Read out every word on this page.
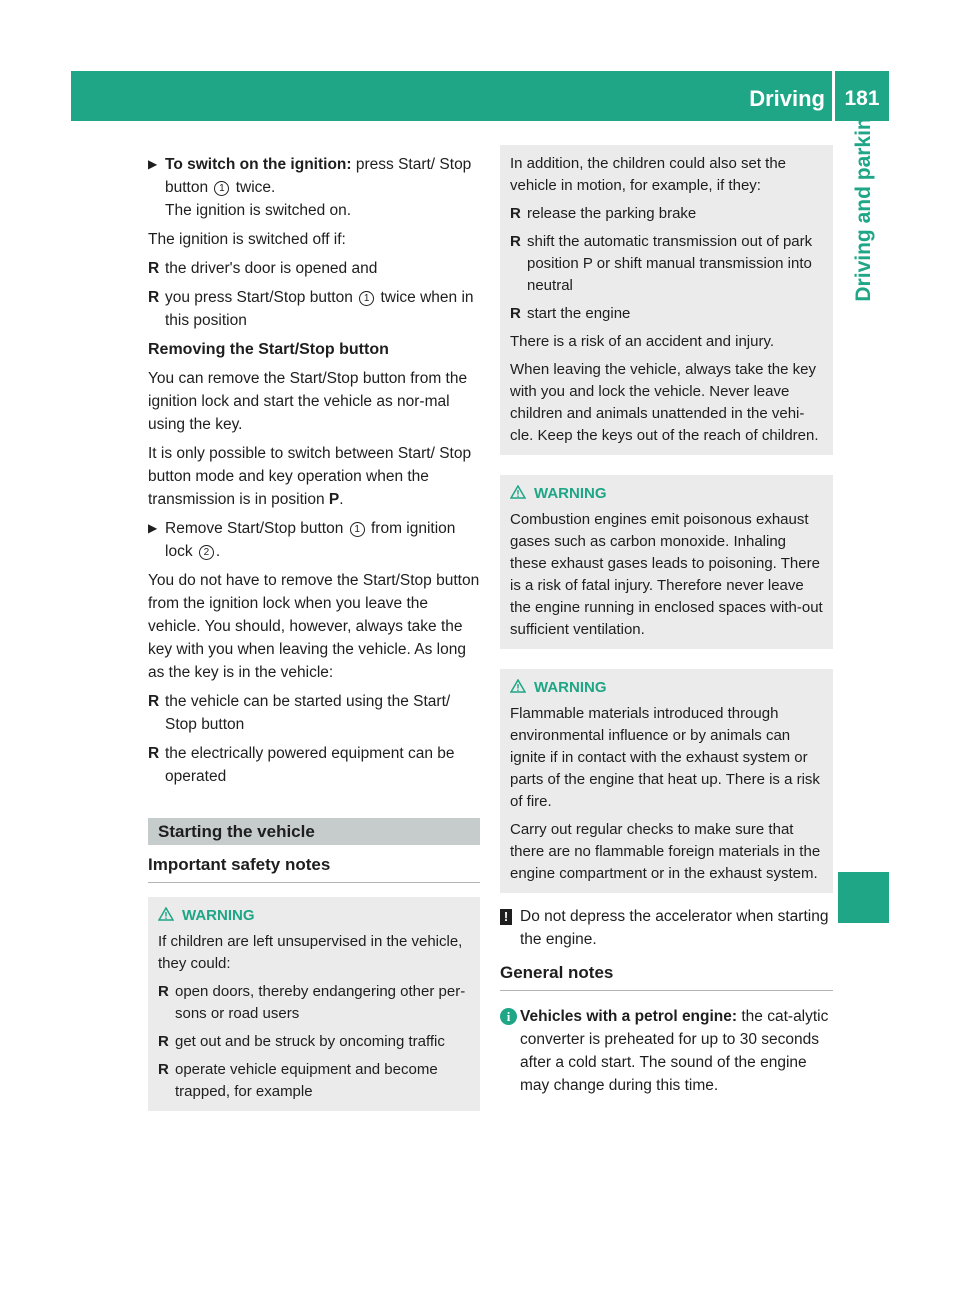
Driving 181
Driving and parking
▶ To switch on the ignition: press Start/ Stop button 1 twice.
The ignition is switched on.

The ignition is switched off if:

R the driver's door is opened and
R you press Start/Stop button 1 twice when in this position
Removing the Start/Stop button

You can remove the Start/Stop button from the ignition lock and start the vehicle as nor-mal using the key.

It is only possible to switch between Start/ Stop button mode and key operation when the transmission is in position P.

▶ Remove Start/Stop button 1 from ignition lock 2 .

You do not have to remove the Start/Stop button from the ignition lock when you leave the vehicle. You should, however, always take the key with you when leaving the vehicle. As long as the key is in the vehicle:

R the vehicle can be started using the Start/ Stop button
R the electrically powered equipment can be operated
Starting the vehicle
Important safety notes
WARNING

If children are left unsupervised in the vehicle, they could:

R open doors, thereby endangering other per-sons or road users
R get out and be struck by oncoming traffic
R operate vehicle equipment and become trapped, for example

In addition, the children could also set the vehicle in motion, for example, if they:

R release the parking brake
R shift the automatic transmission out of park position P or shift manual transmission into neutral
R start the engine

There is a risk of an accident and injury.

When leaving the vehicle, always take the key with you and lock the vehicle. Never leave children and animals unattended in the vehi-cle. Keep the keys out of the reach of children.

WARNING

Combustion engines emit poisonous exhaust gases such as carbon monoxide. Inhaling these exhaust gases leads to poisoning. There is a risk of fatal injury. Therefore never leave the engine running in enclosed spaces with-out sufficient ventilation.

WARNING

Flammable materials introduced through environmental influence or by animals can ignite if in contact with the exhaust system or parts of the engine that heat up. There is a risk of fire.

Carry out regular checks to make sure that there are no flammable foreign materials in the engine compartment or in the exhaust system.

! Do not depress the accelerator when starting the engine.
General notes
i Vehicles with a petrol engine: the cat-alytic converter is preheated for up to 30 seconds after a cold start. The sound of the engine may change during this time.
